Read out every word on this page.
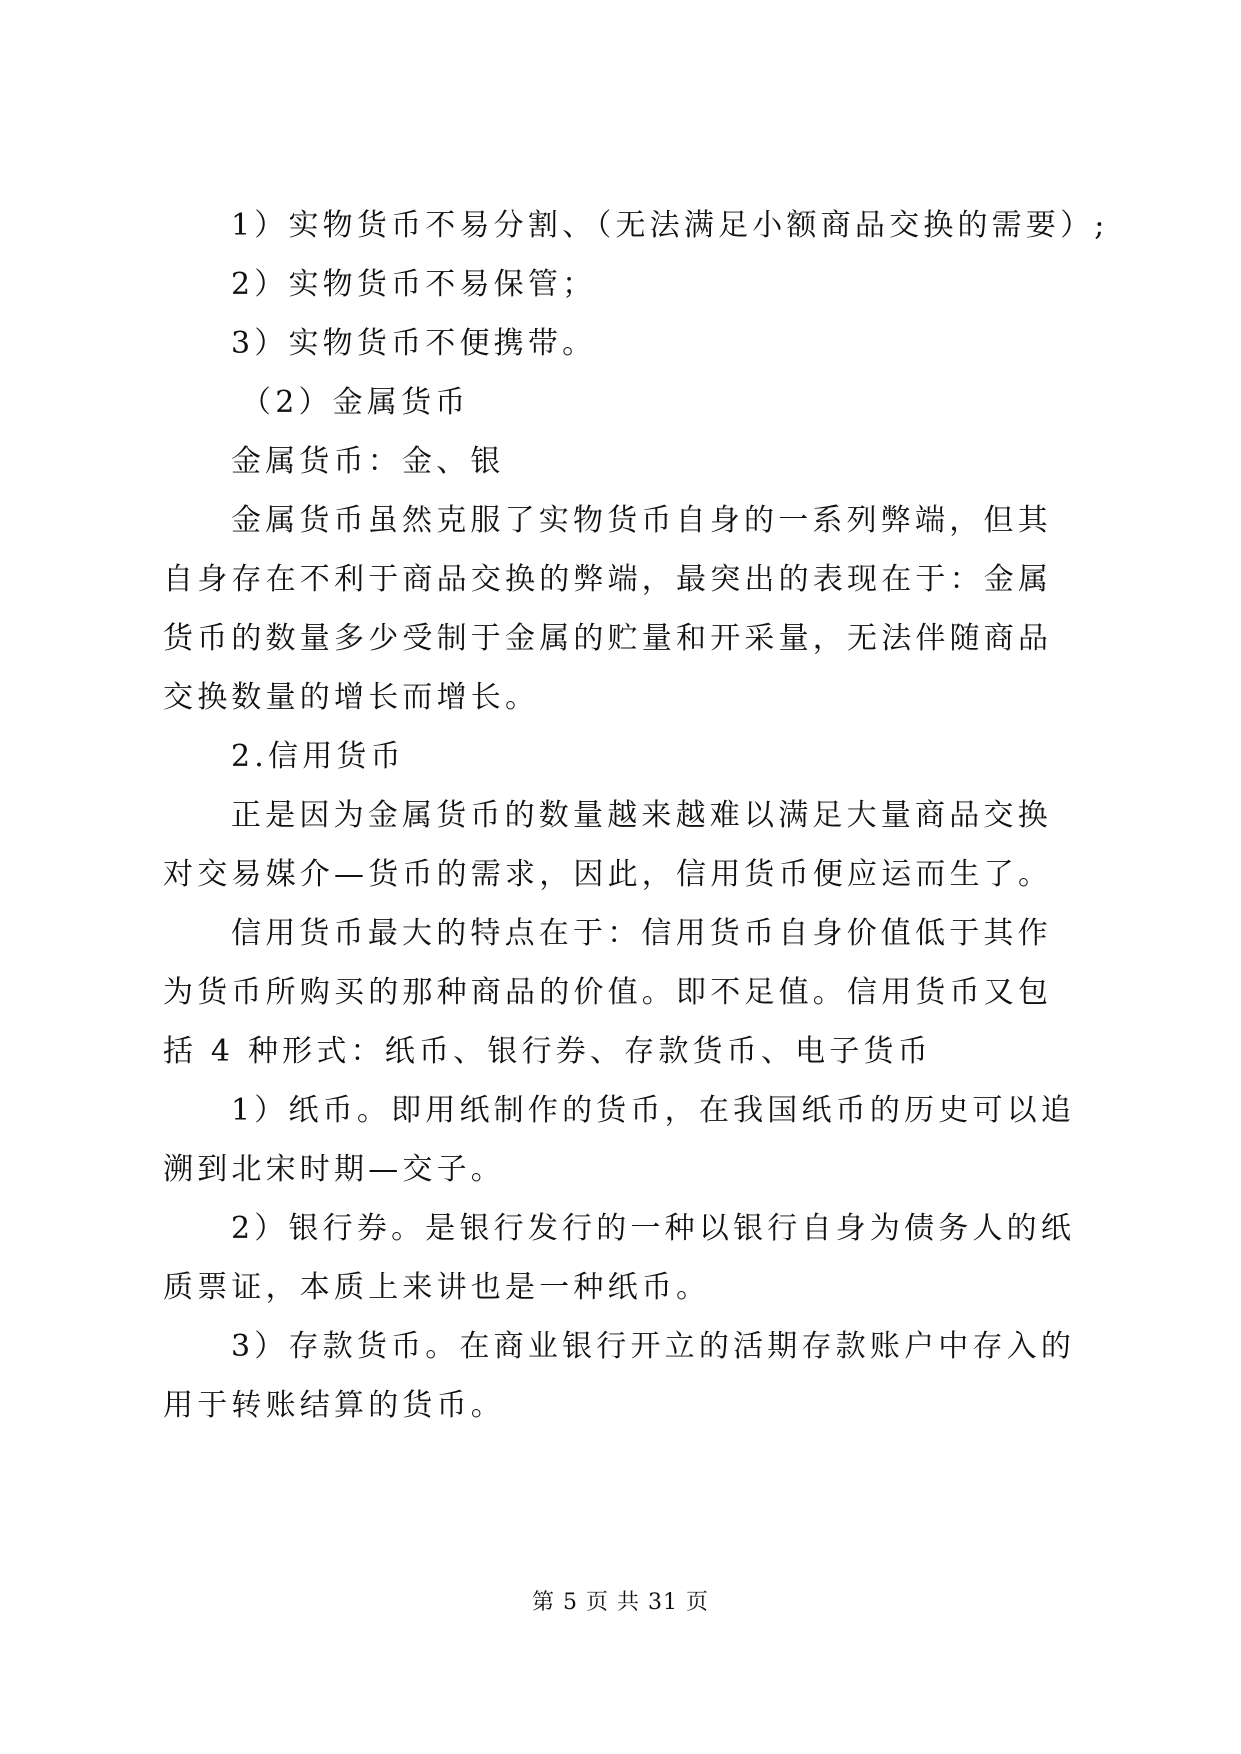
1）实物货币不易分割、（无法满足小额商品交换的需要）;
2）实物货币不易保管；
3）实物货币不便携带。
（2）金属货币
金属货币：金、银

金属货币虽然克服了实物货币自身的一系列弊端，但其自身存在不利于商品交换的弊端，最突出的表现在于：金属货币的数量多少受制于金属的贮量和开采量，无法伴随商品交换数量的增长而增长。

2.信用货币

正是因为金属货币的数量越来越难以满足大量商品交换对交易媒介—货币的需求，因此，信用货币便应运而生了。

信用货币最大的特点在于：信用货币自身价值低于其作为货币所购买的那种商品的价值。即不足值。信用货币又包括 4 种形式：纸币、银行券、存款货币、电子货币

1）纸币。即用纸制作的货币，在我国纸币的历史可以追溯到北宋时期—交子。

2）银行券。是银行发行的一种以银行自身为债务人的纸质票证，本质上来讲也是一种纸币。

3）存款货币。在商业银行开立的活期存款账户中存入的用于转账结算的货币。

第 5 页 共 31 页
